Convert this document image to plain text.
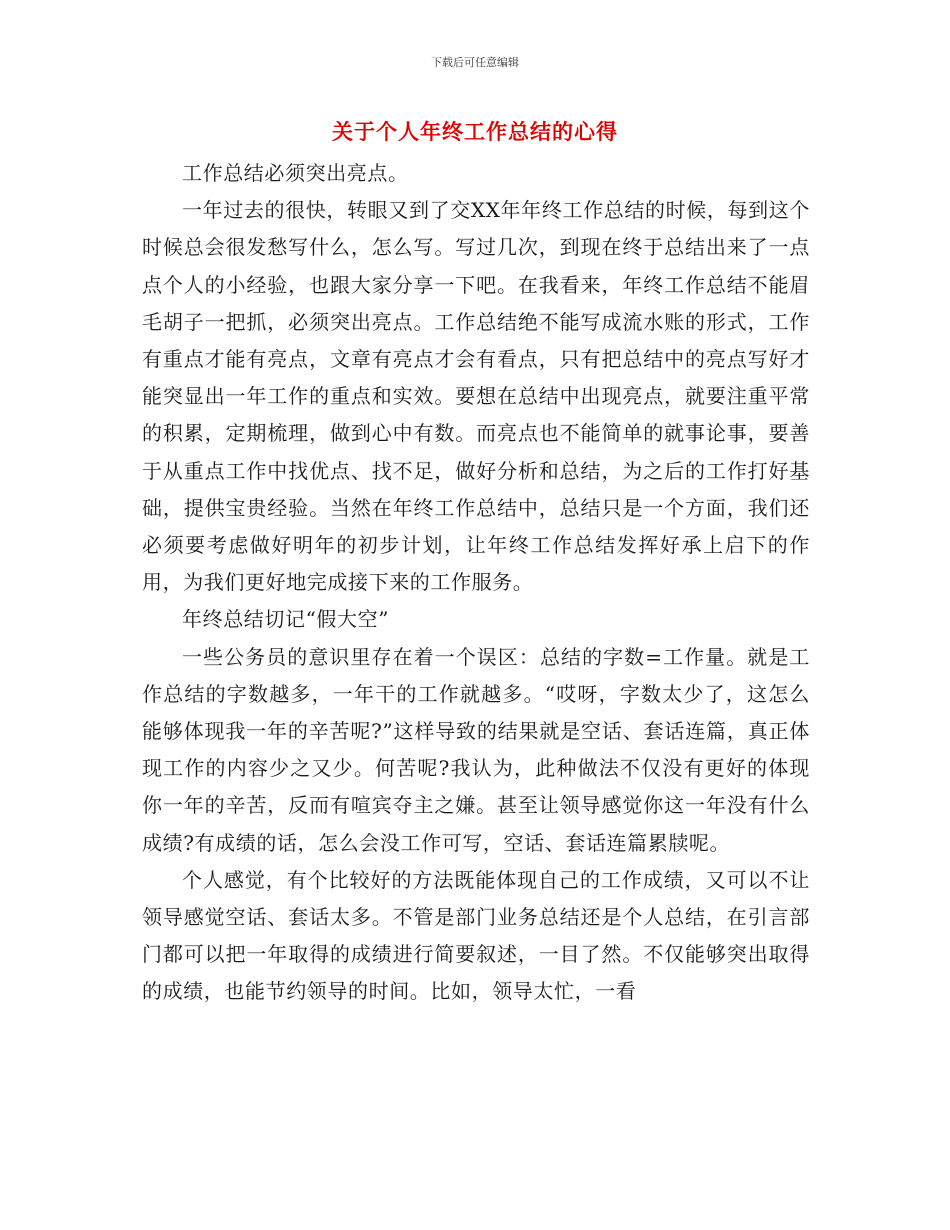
下载后可任意编辑
关于个人年终工作总结的心得

工作总结必须突出亮点。

一年过去的很快，转眼又到了交XX年年终工作总结的时候，每到这个时候总会很发愁写什么，怎么写。写过几次，到现在终于总结出来了一点点个人的小经验，也跟大家分享一下吧。在我看来，年终工作总结不能眉毛胡子一把抓，必须突出亮点。工作总结绝不能写成流水账的形式，工作有重点才能有亮点，文章有亮点才会有看点，只有把总结中的亮点写好才能突显出一年工作的重点和实效。要想在总结中出现亮点，就要注重平常的积累，定期梳理，做到心中有数。而亮点也不能简单的就事论事，要善于从重点工作中找优点、找不足，做好分析和总结，为之后的工作打好基础，提供宝贵经验。当然在年终工作总结中，总结只是一个方面，我们还必须要考虑做好明年的初步计划，让年终工作总结发挥好承上启下的作用，为我们更好地完成接下来的工作服务。

年终总结切记“假大空”

一些公务员的意识里存在着一个误区：总结的字数=工作量。就是工作总结的字数越多，一年干的工作就越多。“哎呀，字数太少了，这怎么能够体现我一年的辛苦呢?”这样导致的结果就是空话、套话连篇，真正体现工作的内容少之又少。何苦呢?我认为，此种做法不仅没有更好的体现你一年的辛苦，反而有喧宾夺主之嫌。甚至让领导感觉你这一年没有什么成绩?有成绩的话，怎么会没工作可写，空话、套话连篇累牍呢。

个人感觉，有个比较好的方法既能体现自己的工作成绩，又可以不让领导感觉空话、套话太多。不管是部门业务总结还是个人总结，在引言部门都可以把一年取得的成绩进行简要叙述，一目了然。不仅能够突出取得的成绩，也能节约领导的时间。比如，领导太忙，一看
